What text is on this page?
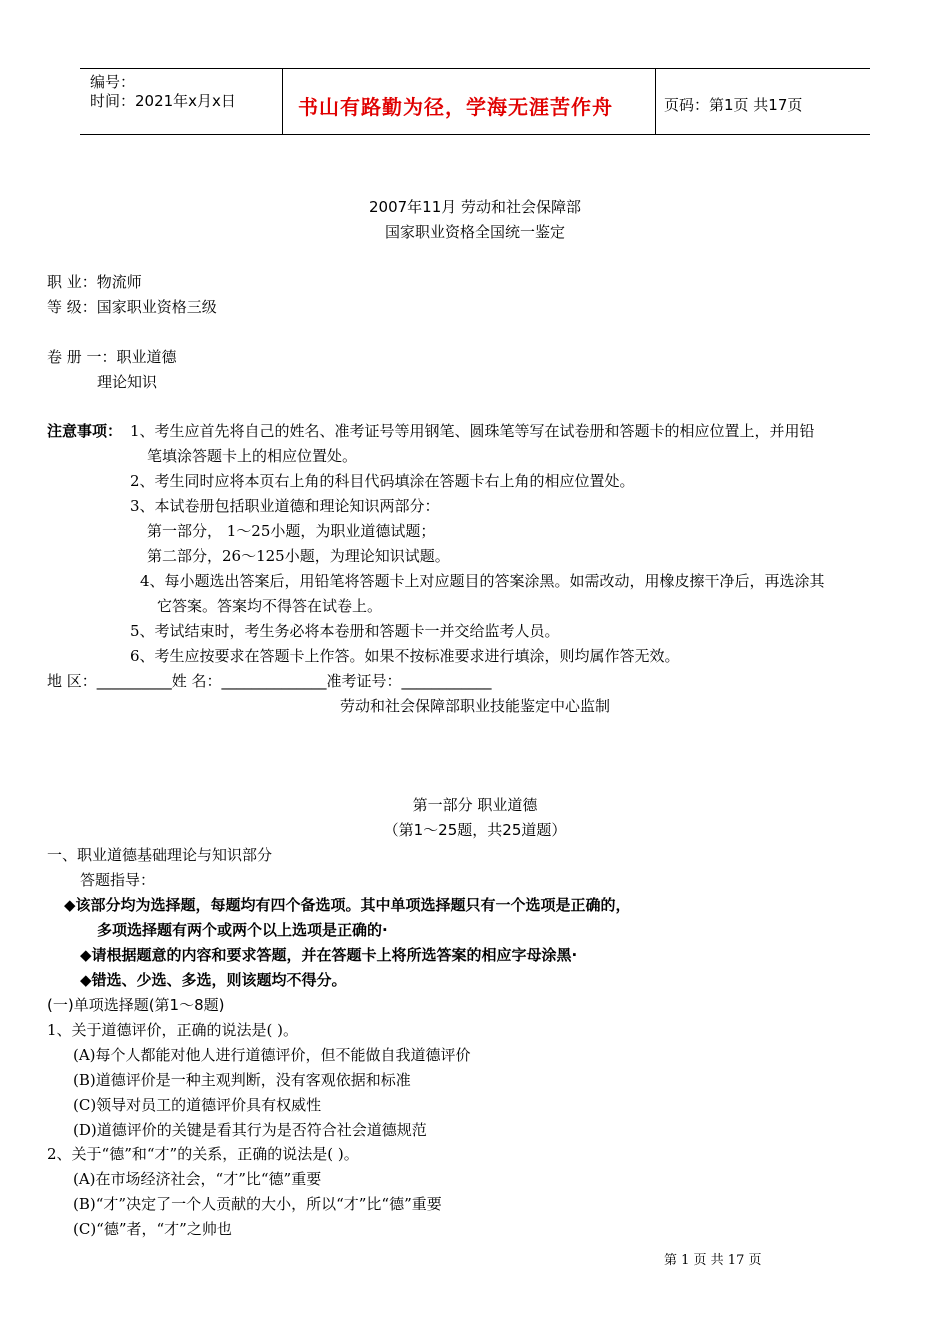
编号：
时间：2021年x月x日	书山有路勤为径，学海无涯苦作舟	页码：第1页 共17页
2007年11月 劳动和社会保障部
国家职业资格全国统一鉴定
职 业：物流师
等 级：国家职业资格三级
卷 册 一：职业道德
理论知识
注意事项： 1、考生应首先将自己的姓名、准考证号等用钢笔、圆珠笔等写在试卷册和答题卡的相应位置上，并用铅
笔填涂答题卡上的相应位置处。
2、考生同时应将本页右上角的科目代码填涂在答题卡右上角的相应位置处。
3、本试卷册包括职业道德和理论知识两部分：
第一部分， 1～25小题，为职业道德试题；
第二部分，26～125小题，为理论知识试题。
4、每小题选出答案后，用铅笔将答题卡上对应题目的答案涂黑。如需改动，用橡皮擦干净后，再选涂其
它答案。答案均不得答在试卷上。
5、考试结束时，考生务必将本卷册和答题卡一并交给监考人员。
6、考生应按要求在答题卡上作答。如果不按标准要求进行填涂，则均属作答无效。
地 区：__________姓 名：______________准考证号：____________
劳动和社会保障部职业技能鉴定中心监制
第一部分 职业道德
（第1～25题，共25道题）
一、职业道德基础理论与知识部分
答题指导：
◆该部分均为选择题，每题均有四个备选项。其中单项选择题只有一个选项是正确的，
多项选择题有两个或两个以上选项是正确的·
◆请根据题意的内容和要求答题，并在答题卡上将所选答案的相应字母涂黑·
◆错选、少选、多选，则该题均不得分。
(一)单项选择题(第1～8题)
1、关于道德评价，正确的说法是( )。
(A)每个人都能对他人进行道德评价，但不能做自我道德评价
(B)道德评价是一种主观判断，没有客观依据和标准
(C)领导对员工的道德评价具有权威性
(D)道德评价的关键是看其行为是否符合社会道德规范
2、关于“德”和“才”的关系，正确的说法是( )。
(A)在市场经济社会，“才”比“德”重要
(B)“才”决定了一个人贡献的大小，所以“才”比“德”重要
(C)“德”者，“才”之帅也
第 1 页 共 17 页
